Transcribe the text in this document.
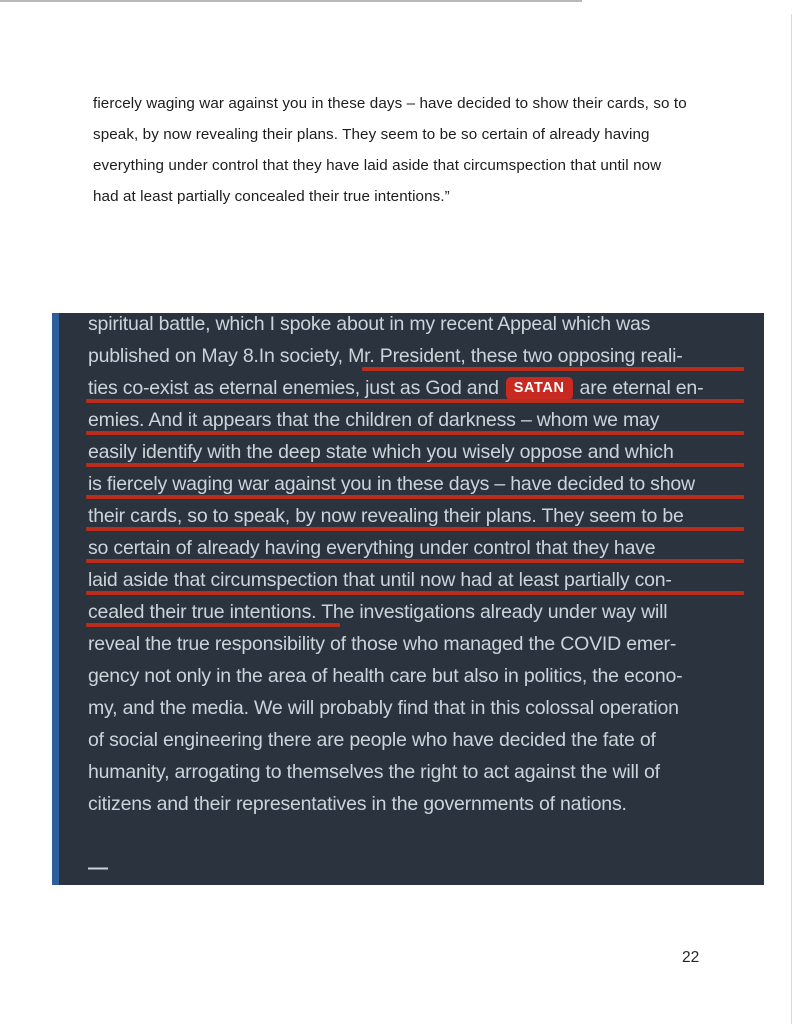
fiercely waging war against you in these days – have decided to show their cards, so to
speak, by now revealing their plans. They seem to be so certain of already having
everything under control that they have laid aside that circumspection that until now
had at least partially concealed their true intentions.”
spiritual battle, which I spoke about in my recent Appeal which was
published on May 8.In society, Mr. President, these two opposing reali-
ties co-exist as eternal enemies, just as God and SATAN are eternal en-
emies. And it appears that the children of darkness – whom we may
easily identify with the deep state which you wisely oppose and which
is fiercely waging war against you in these days – have decided to show
their cards, so to speak, by now revealing their plans. They seem to be
so certain of already having everything under control that they have
laid aside that circumspection that until now had at least partially con-
cealed their true intentions. The investigations already under way will
reveal the true responsibility of those who managed the COVID emer-
gency not only in the area of health care but also in politics, the econo-
my, and the media. We will probably find that in this colossal operation
of social engineering there are people who have decided the fate of
humanity, arrogating to themselves the right to act against the will of
citizens and their representatives in the governments of nations.
—
22
